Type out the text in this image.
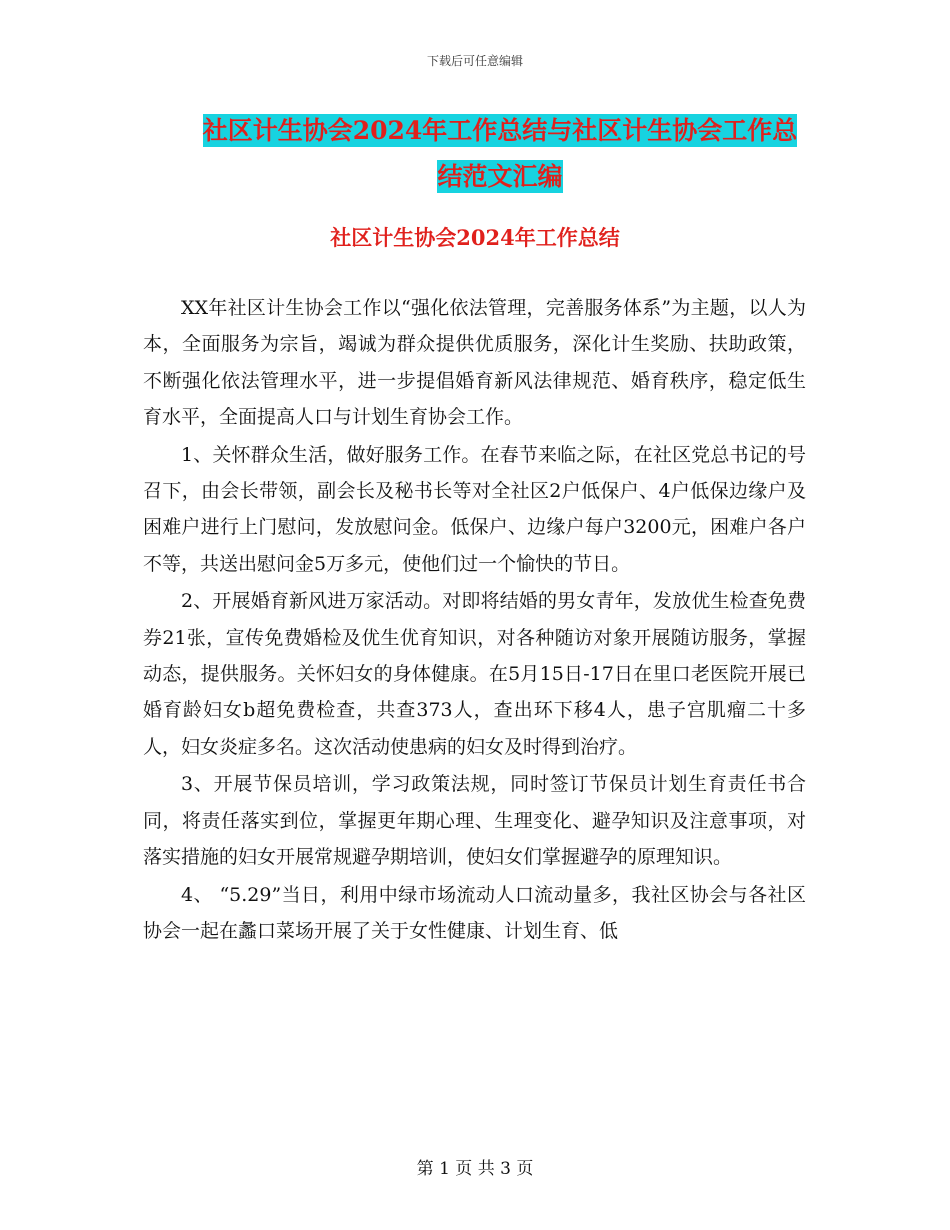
下载后可任意编辑
社区计生协会2024年工作总结与社区计生协会工作总
结范文汇编
社区计生协会2024年工作总结

XX年社区计生协会工作以“强化依法管理，完善服务体系”为主题，以人为本，全面服务为宗旨，竭诚为群众提供优质服务，深化计生奖励、扶助政策，不断强化依法管理水平，进一步提倡婚育新风法律规范、婚育秩序，稳定低生育水平，全面提高人口与计划生育协会工作。

1、关怀群众生活，做好服务工作。在春节来临之际，在社区党总书记的号召下，由会长带领，副会长及秘书长等对全社区2户低保户、4户低保边缘户及困难户进行上门慰问，发放慰问金。低保户、边缘户每户3200元，困难户各户不等，共送出慰问金5万多元，使他们过一个愉快的节日。

2、开展婚育新风进万家活动。对即将结婚的男女青年，发放优生检查免费券21张，宣传免费婚检及优生优育知识，对各种随访对象开展随访服务，掌握动态，提供服务。关怀妇女的身体健康。在5月15日-17日在里口老医院开展已婚育龄妇女b超免费检查，共查373人，查出环下移4人，患子宫肌瘤二十多人，妇女炎症多名。这次活动使患病的妇女及时得到治疗。

3、开展节保员培训，学习政策法规，同时签订节保员计划生育责任书合同，将责任落实到位，掌握更年期心理、生理变化、避孕知识及注意事项，对落实措施的妇女开展常规避孕期培训，使妇女们掌握避孕的原理知识。

4、 “5.29”当日，利用中绿市场流动人口流动量多，我社区协会与各社区协会一起在蠡口菜场开展了关于女性健康、计划生育、低

第 1 页 共 3 页
